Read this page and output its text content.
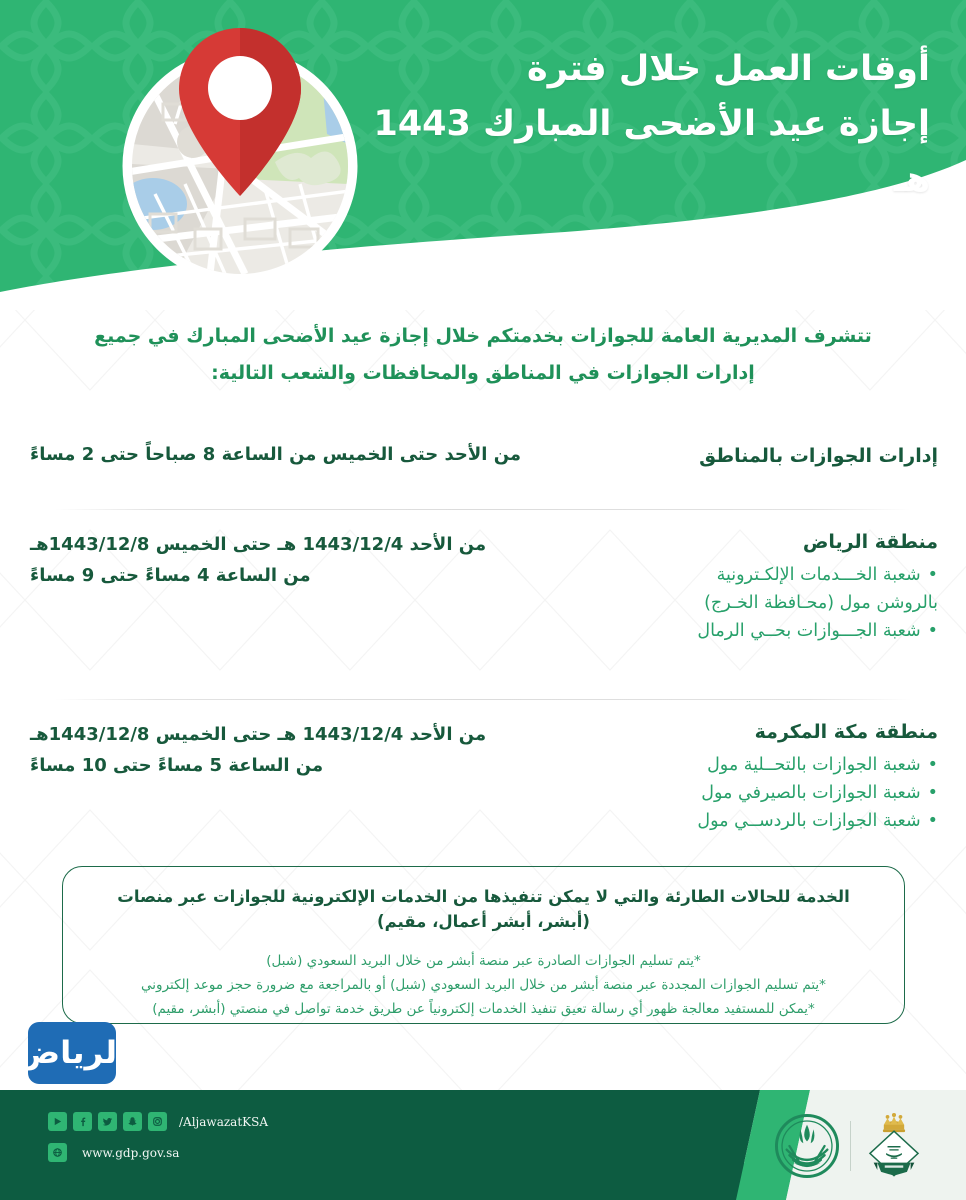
أوقات العمل خلال فترة
إجازة عيد الأضحى المبارك 1443 هـ
تتشرف المديرية العامة للجوازات بخدمتكم خلال إجازة عيد الأضحى المبارك في جميع
إدارات الجوازات في المناطق والمحافظات والشعب التالية:
إدارات الجوازات بالمناطق
من الأحد حتى الخميس من الساعة 8 صباحاً حتى 2 مساءً
منطقة الرياض
• شعبة الخـــدمات الإلكـترونية
بالروشن مول (محـافظة الخـرج)
• شعبة الجـــوازات بحــي الرمال
من الأحد 1443/12/4 هـ حتى الخميس 1443/12/8هـ
من الساعة 4 مساءً حتى 9 مساءً
منطقة مكة المكرمة
• شعبة الجوازات بالتحــلية مول
• شعبة الجوازات بالصيرفي مول
• شعبة الجوازات بالردســي مول
من الأحد 1443/12/4 هـ حتى الخميس 1443/12/8هـ
من الساعة 5 مساءً حتى 10 مساءً
الخدمة للحالات الطارئة والتي لا يمكن تنفيذها من الخدمات الإلكترونية للجوازات عبر منصات (أبشر، أبشر أعمال، مقيم)
*يتم تسليم الجوازات الصادرة عبر منصة أبشر من خلال البريد السعودي (شبل)
*يتم تسليم الجوازات المجددة عبر منصة أبشر من خلال البريد السعودي (شبل) أو بالمراجعة مع ضرورة حجز موعد إلكتروني
*يمكن للمستفيد معالجة ظهور أي رسالة تعيق تنفيذ الخدمات إلكترونياً عن طريق خدمة تواصل في منصتي (أبشر، مقيم)
الرياض
/AljawazatKSA
www.gdp.gov.sa
